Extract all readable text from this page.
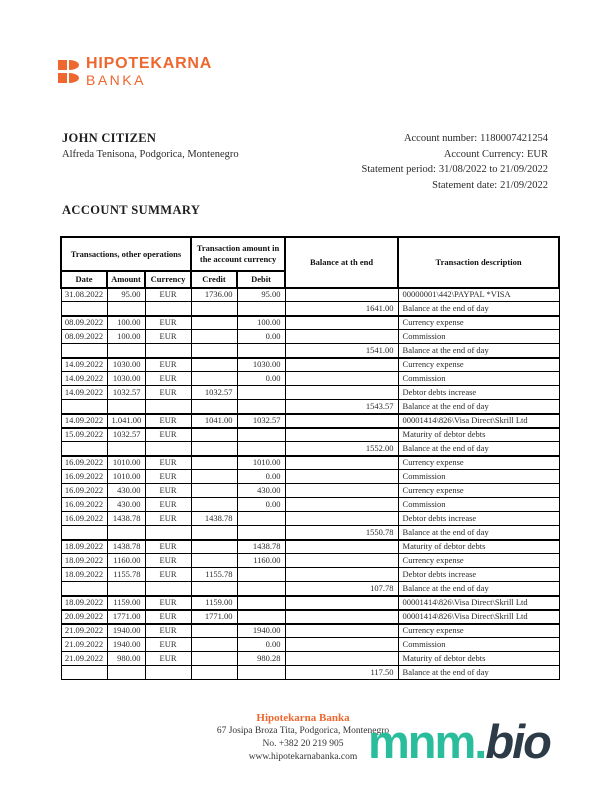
HIPOTEKARNA
BANKA
JOHN CITIZEN
Alfreda Tenisona, Podgorica, Montenegro
Account number: 1180007421254
Account Currency: EUR
Statement period: 31/08/2022 to 21/09/2022
Statement date: 21/09/2022
ACCOUNT SUMMARY
Transactions, other operations			Transaction amount in the account currency		Balance at th end	Transaction description
Date	Amount	Currency	Credit	Debit		
31.08.2022	95.00	EUR	1736.00	95.00		00000001\442\PAYPAL *VISA
					1641.00	Balance at the end of day
08.09.2022	100.00	EUR		100.00		Currency expense
08.09.2022	100.00	EUR		0.00		Commission
					1541.00	Balance at the end of day
14.09.2022	1030.00	EUR		1030.00		Currency expense
14.09.2022	1030.00	EUR		0.00		Commission
14.09.2022	1032.57	EUR	1032.57			Debtor debts increase
					1543.57	Balance at the end of day
14.09.2022	1.041.00	EUR	1041.00	1032.57		00001414\826\Visa Direct\Skrill Ltd
15.09.2022	1032.57	EUR				Maturity of debtor debts
					1552.00	Balance at the end of day
16.09.2022	1010.00	EUR		1010.00		Currency expense
16.09.2022	1010.00	EUR		0.00		Commission
16.09.2022	430.00	EUR		430.00		Currency expense
16.09.2022	430.00	EUR		0.00		Commission
16.09.2022	1438.78	EUR	1438.78			Debtor debts increase
					1550.78	Balance at the end of day
18.09.2022	1438.78	EUR		1438.78		Maturity of debtor debts
18.09.2022	1160.00	EUR		1160.00		Currency expense
18.09.2022	1155.78	EUR	1155.78			Debtor debts increase
					107.78	Balance at the end of day
18.09.2022	1159.00	EUR	1159.00			00001414\826\Visa Direct\Skrill Ltd
20.09.2022	1771.00	EUR	1771.00			00001414\826\Visa Direct\Skrill Ltd
21.09.2022	1940.00	EUR		1940.00		Currency expense
21.09.2022	1940.00	EUR		0.00		Commission
21.09.2022	980.00	EUR		980.28		Maturity of debtor debts
					117.50	Balance at the end of day
Hipotekarna Banka
67 Josipa Broza Tita, Podgorica, Montenegro
No. +382 20 219 905
www.hipotekarnabanka.com mnm.bio
